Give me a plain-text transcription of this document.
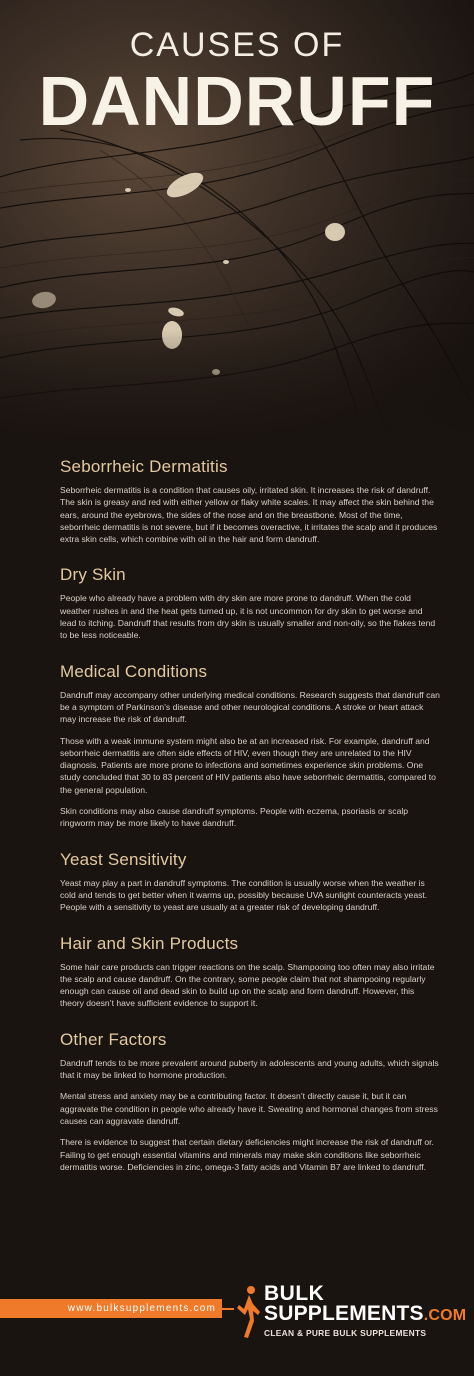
CAUSES OF
DANDRUFF
Seborrheic Dermatitis

Seborrheic dermatitis is a condition that causes oily, irritated skin. It increases the risk of dandruff. The skin is greasy and red with either yellow or flaky white scales. It may affect the skin behind the ears, around the eyebrows, the sides of the nose and on the breastbone. Most of the time, seborrheic dermatitis is not severe, but if it becomes overactive, it irritates the scalp and it produces extra skin cells, which combine with oil in the hair and form dandruff.

Dry Skin

People who already have a problem with dry skin are more prone to dandruff. When the cold weather rushes in and the heat gets turned up, it is not uncommon for dry skin to get worse and lead to itching. Dandruff that results from dry skin is usually smaller and non-oily, so the flakes tend to be less noticeable.

Medical Conditions

Dandruff may accompany other underlying medical conditions. Research suggests that dandruff can be a symptom of Parkinson’s disease and other neurological conditions. A stroke or heart attack may increase the risk of dandruff.

Those with a weak immune system might also be at an increased risk. For example, dandruff and seborrheic dermatitis are often side effects of HIV, even though they are unrelated to the HIV diagnosis. Patients are more prone to infections and sometimes experience skin problems. One study concluded that 30 to 83 percent of HIV patients also have seborrheic dermatitis, compared to the general population.

Skin conditions may also cause dandruff symptoms. People with eczema, psoriasis or scalp ringworm may be more likely to have dandruff.

Yeast Sensitivity

Yeast may play a part in dandruff symptoms. The condition is usually worse when the weather is cold and tends to get better when it warms up, possibly because UVA sunlight counteracts yeast. People with a sensitivity to yeast are usually at a greater risk of developing dandruff.

Hair and Skin Products

Some hair care products can trigger reactions on the scalp. Shampooing too often may also irritate the scalp and cause dandruff. On the contrary, some people claim that not shampooing regularly enough can cause oil and dead skin to build up on the scalp and form dandruff. However, this theory doesn’t have sufficient evidence to support it.

Other Factors

Dandruff tends to be more prevalent around puberty in adolescents and young adults, which signals that it may be linked to hormone production.

Mental stress and anxiety may be a contributing factor. It doesn’t directly cause it, but it can aggravate the condition in people who already have it. Sweating and hormonal changes from stress causes can aggravate dandruff.

There is evidence to suggest that certain dietary deficiencies might increase the risk of dandruff or. Failing to get enough essential vitamins and minerals may make skin conditions like seborrheic dermatitis worse. Deficiencies in zinc, omega-3 fatty acids and Vitamin B7 are linked to dandruff.

www.bulksupplements.com
BULK
SUPPLEMENTS.COM
CLEAN & PURE BULK SUPPLEMENTS
